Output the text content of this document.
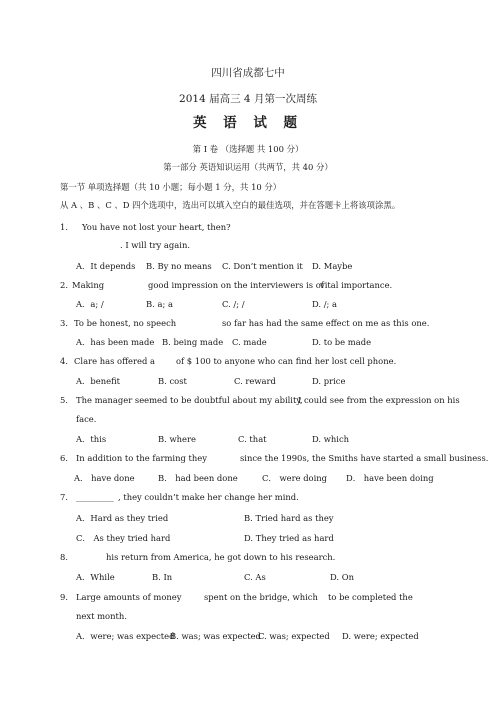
四川省成都七中
2014 届高三 4 月第一次周练
英 语 试 题
第 I 卷 （选择题 共 100 分）
第一部分 英语知识运用（共两节，共 40 分）
第一节 单项选择题（共 10 小题；每小题 1 分，共 10 分）
从 A 、B 、C 、D 四个选项中，选出可以填入空白的最佳选项，并在答题卡上将该项涂黑。
1． You have not lost your heart, then?
. I will try again.
A．It depends B. By no means C. Don’t mention it D. Maybe
2．
Making	good impression on the interviewers is of
vital importance.
A．a; /	B. a; a	C. /; /	D. /; a
3． To be honest, no speech	so far has had the same effect on me as this one.
A．has been made B. being made C. made	D. to be made
4． Clare has offered a	of $ 100 to anyone who can find her lost cell phone.
A．benefit	B. cost	C. reward	D. price
5． The manager seemed to be doubtful about my ability,
I could see from the expression on his
face.
A．this	B. where	C. that	D. which
6． In addition to the farming they	since the 1990s, the Smiths have started a small business.
A． have done	B． had been done	C． were doing D． have been doing
7． _________ , they couldn’t make her change her mind.
A．Hard as they tried	B. Tried hard as they
C． As they tried hard	D. They tried as hard
8．	his return from America, he got down to his research.
A．While	B. In	C. As	D. On
9． Large amounts of money	spent on the bridge, which to be completed the
next month.
A．were; was expected
B. was; was expected
C. was; expected D. were; expected
